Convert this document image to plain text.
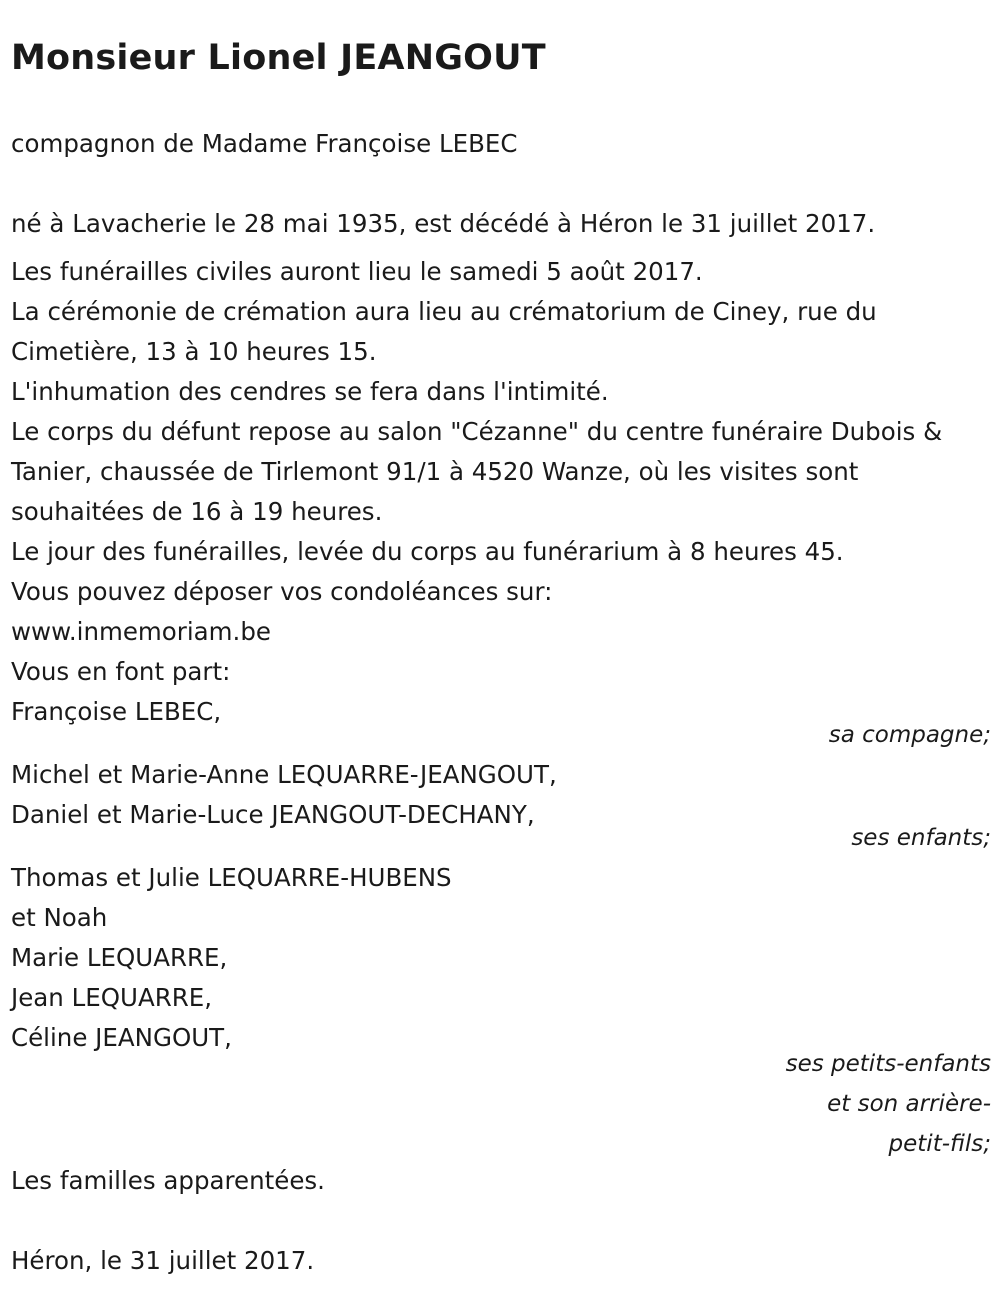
Monsieur Lionel JEANGOUT
compagnon de Madame Françoise LEBEC
né à Lavacherie le 28 mai 1935, est décédé à Héron le 31 juillet 2017.
Les funérailles civiles auront lieu le samedi 5 août 2017.
La cérémonie de crémation aura lieu au crématorium de Ciney, rue du Cimetière, 13 à 10 heures 15.
L'inhumation des cendres se fera dans l'intimité.
Le corps du défunt repose au salon "Cézanne" du centre funéraire Dubois & Tanier, chaussée de Tirlemont 91/1 à 4520 Wanze, où les visites sont souhaitées de 16 à 19 heures.
Le jour des funérailles, levée du corps au funérarium à 8 heures 45.
Vous pouvez déposer vos condoléances sur:
www.inmemoriam.be
Vous en font part:
Françoise LEBEC,
sa compagne;
Michel et Marie-Anne LEQUARRE-JEANGOUT,
Daniel et Marie-Luce JEANGOUT-DECHANY,
ses enfants;
Thomas et Julie LEQUARRE-HUBENS
et Noah
Marie LEQUARRE,
Jean LEQUARRE,
Céline JEANGOUT,
ses petits-enfants
et son arrière-
petit-fils;
Les familles apparentées.
Héron, le 31 juillet 2017.
